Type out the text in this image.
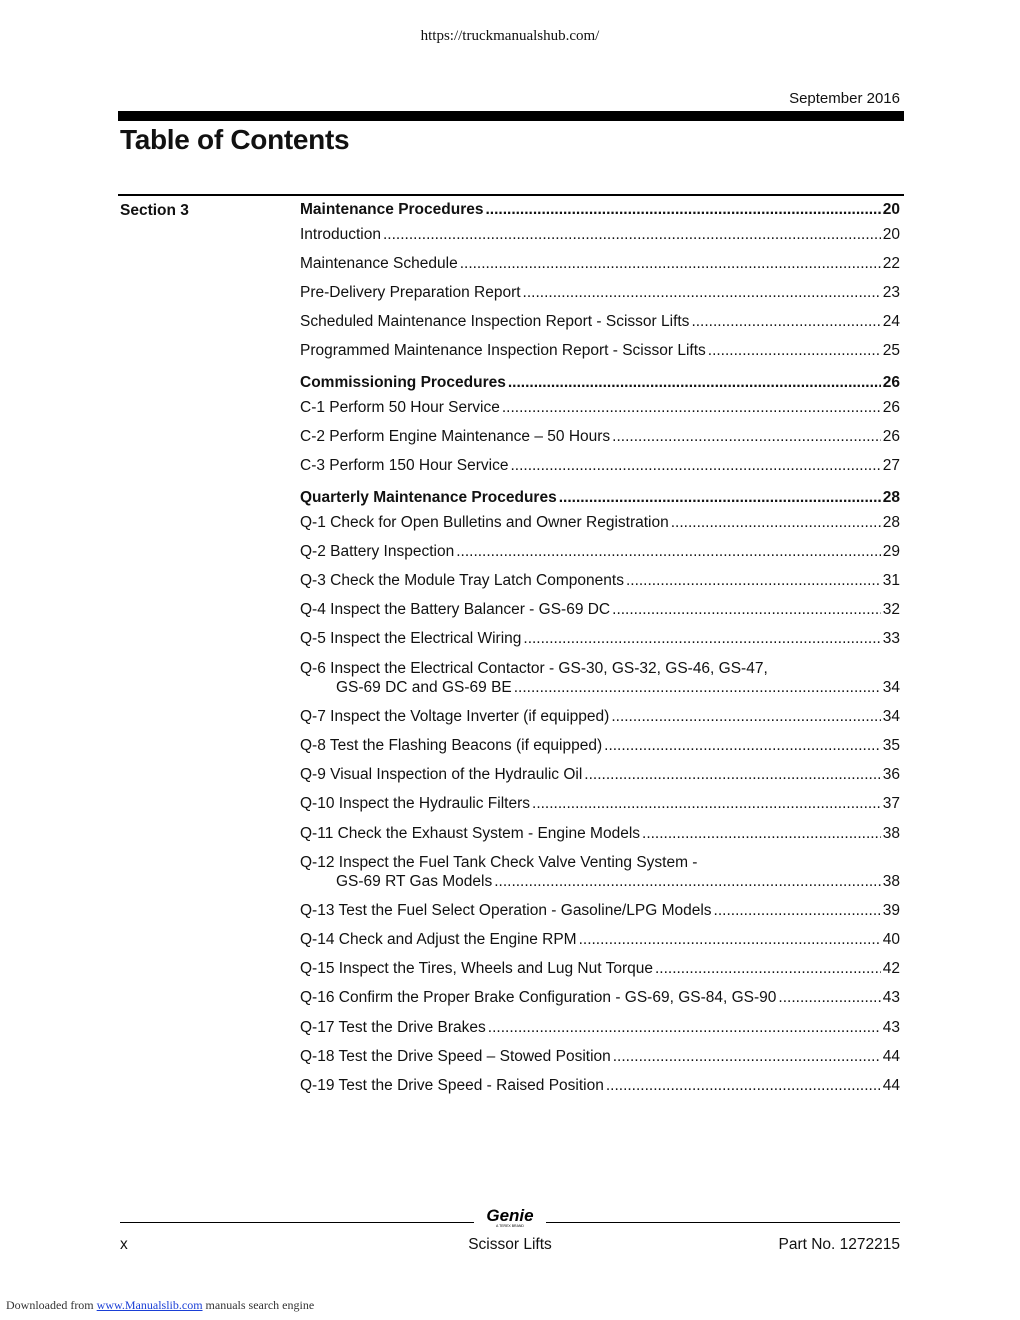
https://truckmanualshub.com/
September 2016
Table of Contents
Section 3	Maintenance Procedures .....	20
Introduction .....	20
Maintenance Schedule .....	22
Pre-Delivery Preparation Report .....	23
Scheduled Maintenance Inspection Report - Scissor Lifts .....	24
Programmed Maintenance Inspection Report - Scissor Lifts .....	25
Commissioning Procedures .....	26
C-1 Perform 50 Hour Service .....	26
C-2 Perform Engine Maintenance – 50 Hours .....	26
C-3 Perform 150 Hour Service .....	27
Quarterly Maintenance Procedures .....	28
Q-1 Check for Open Bulletins and Owner Registration .....	28
Q-2 Battery Inspection .....	29
Q-3 Check the Module Tray Latch Components .....	31
Q-4 Inspect the Battery Balancer - GS-69 DC .....	32
Q-5 Inspect the Electrical Wiring .....	33
Q-6 Inspect the Electrical Contactor - GS-30, GS-32, GS-46, GS-47,
GS-69 DC and GS-69 BE .....	34
Q-7 Inspect the Voltage Inverter (if equipped) .....	34
Q-8 Test the Flashing Beacons (if equipped) .....	35
Q-9 Visual Inspection of the Hydraulic Oil .....	36
Q-10 Inspect the Hydraulic Filters .....	37
Q-11 Check the Exhaust System - Engine Models .....	38
Q-12 Inspect the Fuel Tank Check Valve Venting System -
GS-69 RT Gas Models .....	38
Q-13 Test the Fuel Select Operation - Gasoline/LPG Models .....	39
Q-14 Check and Adjust the Engine RPM .....	40
Q-15 Inspect the Tires, Wheels and Lug Nut Torque .....	42
Q-16 Confirm the Proper Brake Configuration - GS-69, GS-84, GS-90 .....	43
Q-17 Test the Drive Brakes .....	43
Q-18 Test the Drive Speed – Stowed Position .....	44
Q-19 Test the Drive Speed - Raised Position .....	44
Genie
A TEREX BRAND
x	Scissor Lifts	Part No. 1272215
Downloaded from www.Manualslib.com manuals search engine
